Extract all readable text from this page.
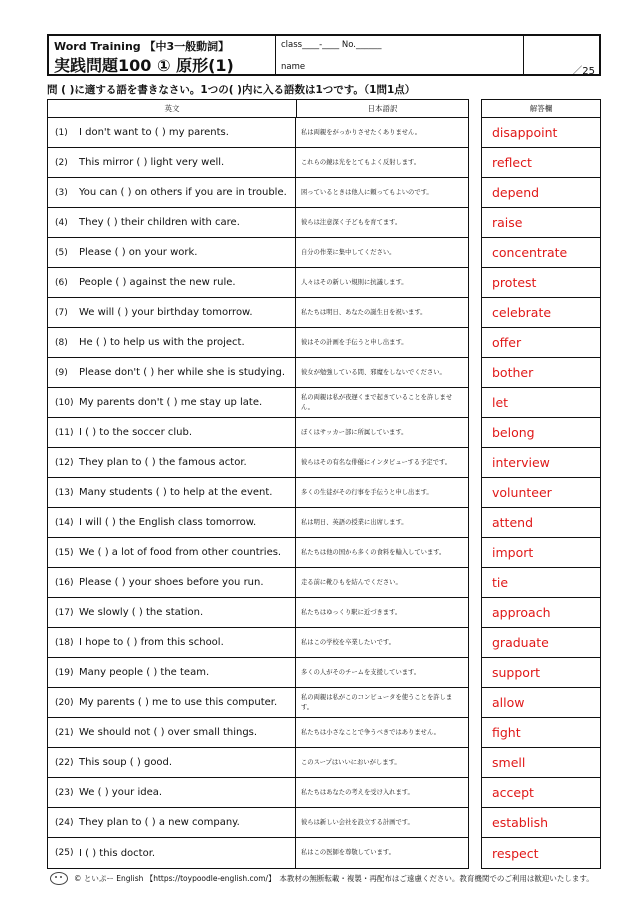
Word Training 【中3一般動詞】
実践問題100 ① 原形(1)
class____-____ No.______
name	／25
問 ( )に適する語を書きなさい。1つの( )内に入る語数は1つです。（1問1点）
英文	日本語訳
(1)	I don't want to ( ) my parents.	私は両親をがっかりさせたくありません。
(2)	This mirror ( ) light very well.	これらの鏡は光をとてもよく反射します。
(3)	You can ( ) on others if you are in trouble.	困っているときは他人に頼ってもよいのです。
(4)	They ( ) their children with care.	彼らは注意深く子どもを育てます。
(5)	Please ( ) on your work.	自分の作業に集中してください。
(6)	People ( ) against the new rule.	人々はその新しい規則に抗議します。
(7)	We will ( ) your birthday tomorrow.	私たちは明日、あなたの誕生日を祝います。
(8)	He ( ) to help us with the project.	彼はその計画を手伝うと申し出ます。
(9)	Please don't ( ) her while she is studying.	彼女が勉強している間、邪魔をしないでください。
(10) My parents don't ( ) me stay up late.	私の両親は私が夜遅くまで起きていることを許しません。
(11) I ( ) to the soccer club.	ぼくはサッカー部に所属しています。
(12) They plan to ( ) the famous actor.	彼らはその有名な俳優にインタビューする予定です。
(13) Many students ( ) to help at the event.	多くの生徒がその行事を手伝うと申し出ます。
(14) I will ( ) the English class tomorrow.	私は明日、英語の授業に出席します。
(15) We ( ) a lot of food from other countries.	私たちは他の国から多くの食料を輸入しています。
(16) Please ( ) your shoes before you run.	走る前に靴ひもを結んでください。
(17) We slowly ( ) the station.	私たちはゆっくり駅に近づきます。
(18) I hope to ( ) from this school.	私はこの学校を卒業したいです。
(19) Many people ( ) the team.	多くの人がそのチームを支援しています。
(20) My parents ( ) me to use this computer.	私の両親は私がこのコンピュータを使うことを許します。
(21) We should not ( ) over small things.	私たちは小さなことで争うべきではありません。
(22) This soup ( ) good.	このスープはいいにおいがします。
(23) We ( ) your idea.	私たちはあなたの考えを受け入れます。
(24) They plan to ( ) a new company.	彼らは新しい会社を設立する計画です。
(25) I ( ) this doctor.	私はこの医師を尊敬しています。
解答欄
disappoint
reflect
depend
raise
concentrate
protest
celebrate
offer
bother
let
belong
interview
volunteer
attend
import
tie
approach
graduate
support
allow
fight
smell
accept
establish
respect
© といぷー English 【https://toypoodle-english.com/】　本教材の無断転載・複製・再配布はご遠慮ください。教育機関でのご利用は歓迎いたします。
